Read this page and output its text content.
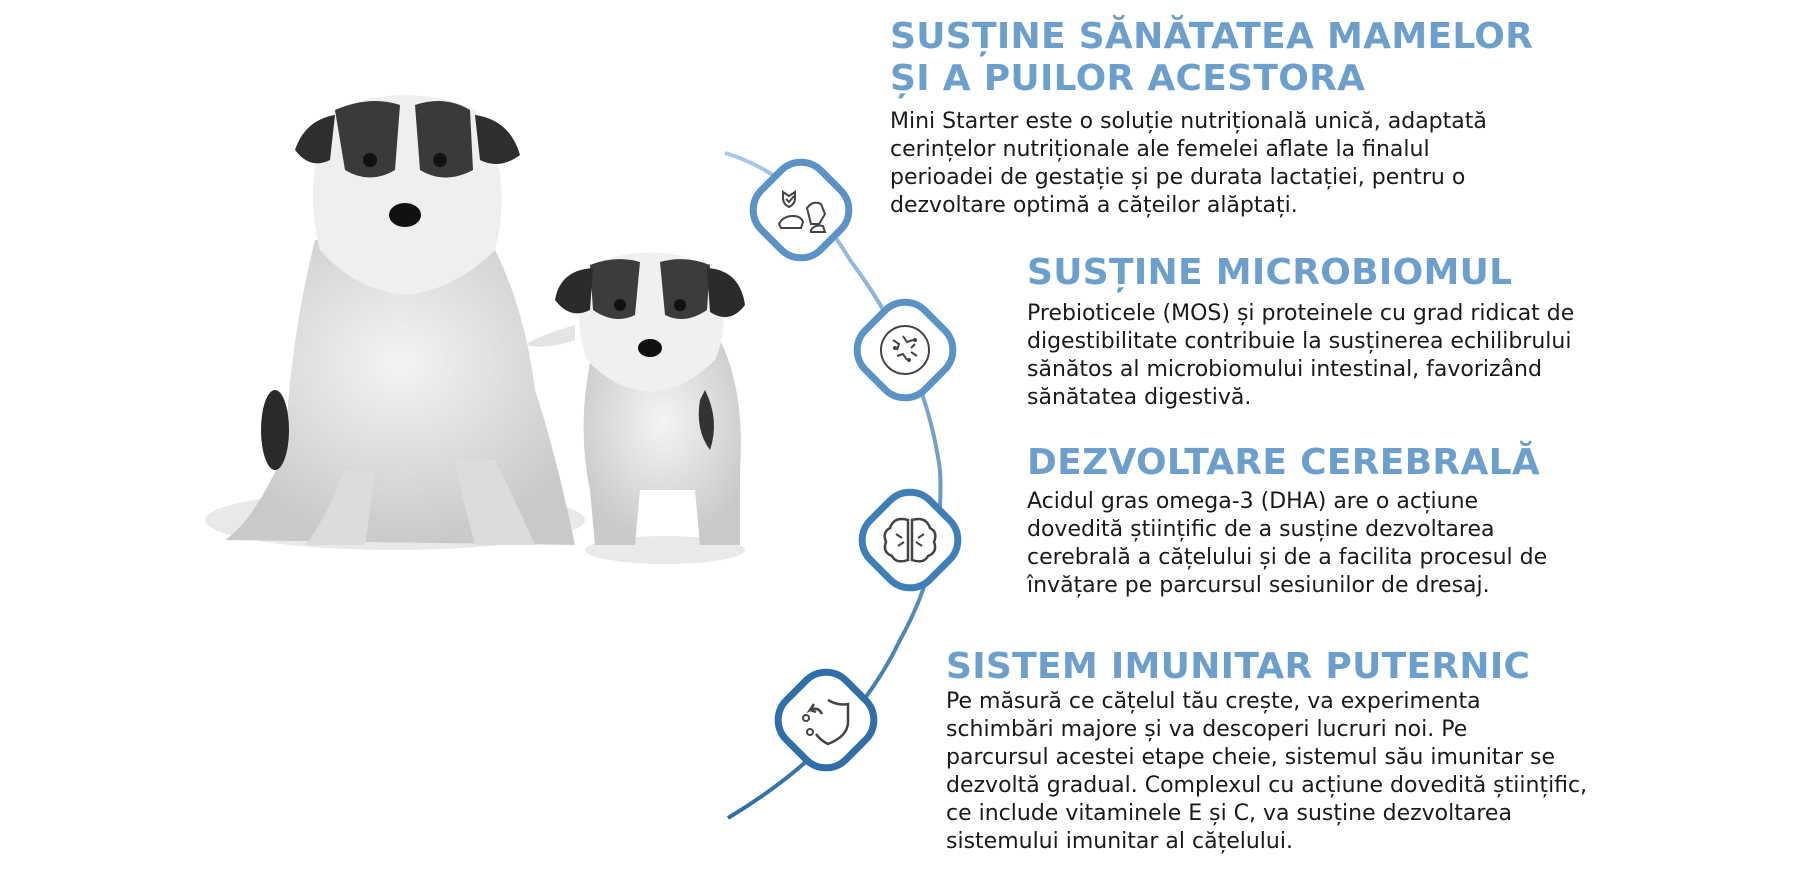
SUSȚINE SĂNĂTATEA MAMELOR
ȘI A PUILOR ACESTORA

Mini Starter este o soluție nutrițională unică, adaptată
cerințelor nutriționale ale femelei aflate la finalul
perioadei de gestație și pe durata lactației, pentru o
dezvoltare optimă a cățeilor alăptați.

SUSȚINE MICROBIOMUL

Prebioticele (MOS) și proteinele cu grad ridicat de
digestibilitate contribuie la susținerea echilibrului
sănătos al microbiomului intestinal, favorizând
sănătatea digestivă.

DEZVOLTARE CEREBRALĂ

Acidul gras omega-3 (DHA) are o acțiune
dovedită științific de a susține dezvoltarea
cerebrală a cățelului și de a facilita procesul de
învățare pe parcursul sesiunilor de dresaj.

SISTEM IMUNITAR PUTERNIC

Pe măsură ce cățelul tău crește, va experimenta
schimbări majore și va descoperi lucruri noi. Pe
parcursul acestei etape cheie, sistemul său imunitar se
dezvoltă gradual. Complexul cu acțiune dovedită științific,
ce include vitaminele E și C, va susține dezvoltarea
sistemului imunitar al cățelului.
